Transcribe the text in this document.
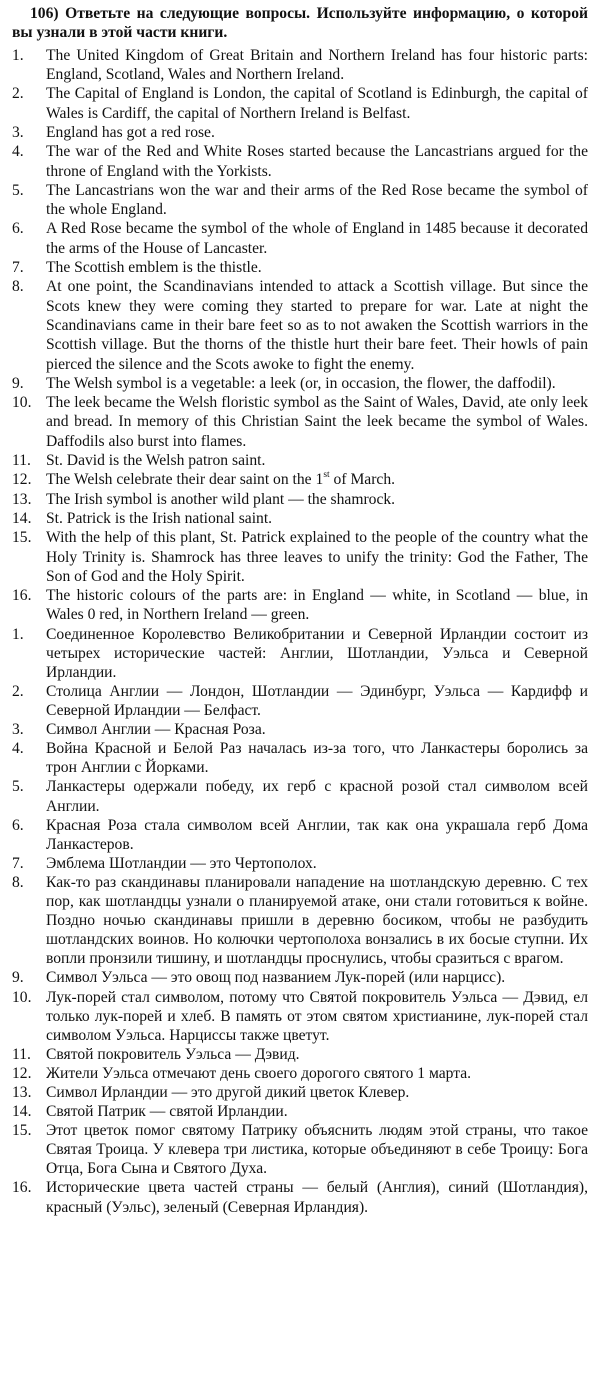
106) Ответьте на следующие вопросы. Используйте информацию, о которой вы узнали в этой части книги.

1. The United Kingdom of Great Britain and Northern Ireland has four historic parts: England, Scotland, Wales and Northern Ireland.
2. The Capital of England is London, the capital of Scotland is Edinburgh, the capital of Wales is Cardiff, the capital of Northern Ireland is Belfast.
3. England has got a red rose.
4. The war of the Red and White Roses started because the Lancastrians argued for the throne of England with the Yorkists.
5. The Lancastrians won the war and their arms of the Red Rose became the symbol of the whole England.
6. A Red Rose became the symbol of the whole of England in 1485 because it decorated the arms of the House of Lancaster.
7. The Scottish emblem is the thistle.
8. At one point, the Scandinavians intended to attack a Scottish village. But since the Scots knew they were coming they started to prepare for war. Late at night the Scandinavians came in their bare feet so as to not awaken the Scottish warriors in the Scottish village. But the thorns of the thistle hurt their bare feet. Their howls of pain pierced the silence and the Scots awoke to fight the enemy.
9. The Welsh symbol is a vegetable: a leek (or, in occasion, the flower, the daffodil).
10. The leek became the Welsh floristic symbol as the Saint of Wales, David, ate only leek and bread. In memory of this Christian Saint the leek became the symbol of Wales. Daffodils also burst into flames.
11. St. David is the Welsh patron saint.
12. The Welsh celebrate their dear saint on the 1st of March.
13. The Irish symbol is another wild plant — the shamrock.
14. St. Patrick is the Irish national saint.
15. With the help of this plant, St. Patrick explained to the people of the country what the Holy Trinity is. Shamrock has three leaves to unify the trinity: God the Father, The Son of God and the Holy Spirit.
16. The historic colours of the parts are: in England — white, in Scotland — blue, in Wales 0 red, in Northern Ireland — green.
1. Соединенное Королевство Великобритании и Северной Ирландии состоит из четырех исторические частей: Англии, Шотландии, Уэльса и Северной Ирландии.
2. Столица Англии — Лондон, Шотландии — Эдинбург, Уэльса — Кардифф и Северной Ирландии — Белфаст.
3. Символ Англии — Красная Роза.
4. Война Красной и Белой Раз началась из-за того, что Ланкастеры боролись за трон Англии с Йорками.
5. Ланкастеры одержали победу, их герб с красной розой стал символом всей Англии.
6. Красная Роза стала символом всей Англии, так как она украшала герб Дома Ланкастеров.
7. Эмблема Шотландии — это Чертополох.
8. Как-то раз скандинавы планировали нападение на шотландскую деревню. С тех пор, как шотландцы узнали о планируемой атаке, они стали готовиться к войне. Поздно ночью скандинавы пришли в деревню босиком, чтобы не разбудить шотландских воинов. Но колючки чертополоха вонзались в их босые ступни. Их вопли пронзили тишину, и шотландцы проснулись, чтобы сразиться с врагом.
9. Символ Уэльса — это овощ под названием Лук-порей (или нарцисс).
10. Лук-порей стал символом, потому что Святой покровитель Уэльса — Дэвид, ел только лук-порей и хлеб. В память от этом святом христианине, лук-порей стал символом Уэльса. Нарциссы также цветут.
11. Святой покровитель Уэльса — Дэвид.
12. Жители Уэльса отмечают день своего дорогого святого 1 марта.
13. Символ Ирландии — это другой дикий цветок Клевер.
14. Святой Патрик — святой Ирландии.
15. Этот цветок помог святому Патрику объяснить людям этой страны, что такое Святая Троица. У клевера три листика, которые объединяют в себе Троицу: Бога Отца, Бога Сына и Святого Духа.
16. Исторические цвета частей страны — белый (Англия), синий (Шотландия), красный (Уэльс), зеленый (Северная Ирландия).
